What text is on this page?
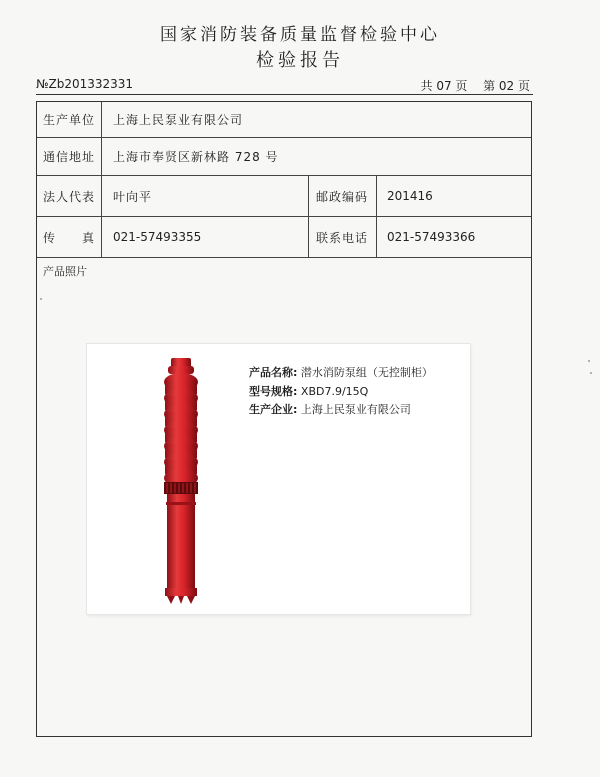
国家消防装备质量监督检验中心
检验报告
№Zb201332331	共 07 页 第 02 页
生产单位 上海上民泵业有限公司
通信地址 上海市奉贤区新林路 728 号
法人代表 叶向平	邮政编码 201416
传　　真 021-57493355	联系电话 021-57493366
产品照片
产品名称: 潜水消防泵组（无控制柜）
型号规格: XBD7.9/15Q
生产企业: 上海上民泵业有限公司
